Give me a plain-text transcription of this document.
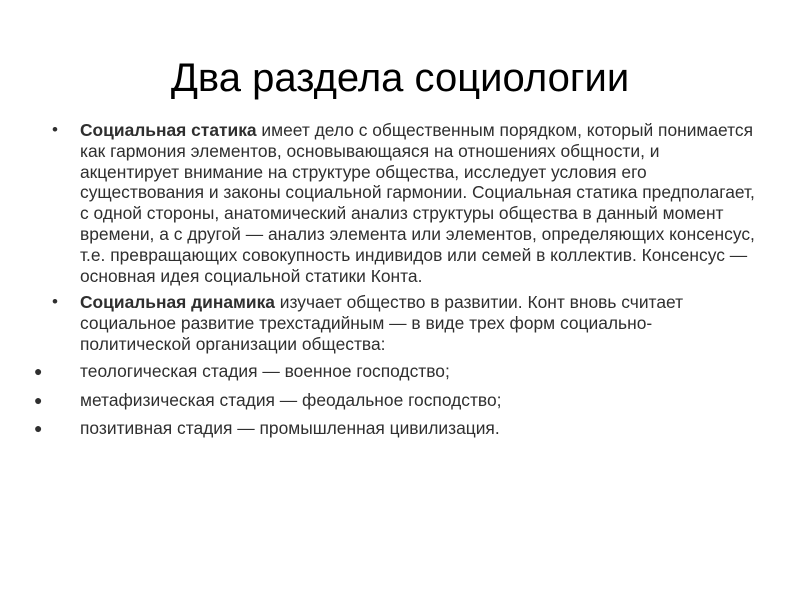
Два раздела социологии
• Социальная статика имеет дело с общественным порядком, который понимается как гармония элементов, основывающаяся на отношениях общности, и акцентирует внимание на структуре общества, исследует условия его существования и законы социальной гармонии. Социальная статика предполагает, с одной стороны, анатомический анализ структуры общества в данный момент времени, а с другой — анализ элемента или элементов, определяющих консенсус, т.е. превращающих совокупность индивидов или семей в коллектив. Консенсус — основная идея социальной статики Конта.
• Социальная динамика изучает общество в развитии. Конт вновь считает социальное развитие трехстадийным — в виде трех форм социально-политической организации общества:
● теологическая стадия — военное господство;
● метафизическая стадия — феодальное господство;
● позитивная стадия — промышленная цивилизация.
